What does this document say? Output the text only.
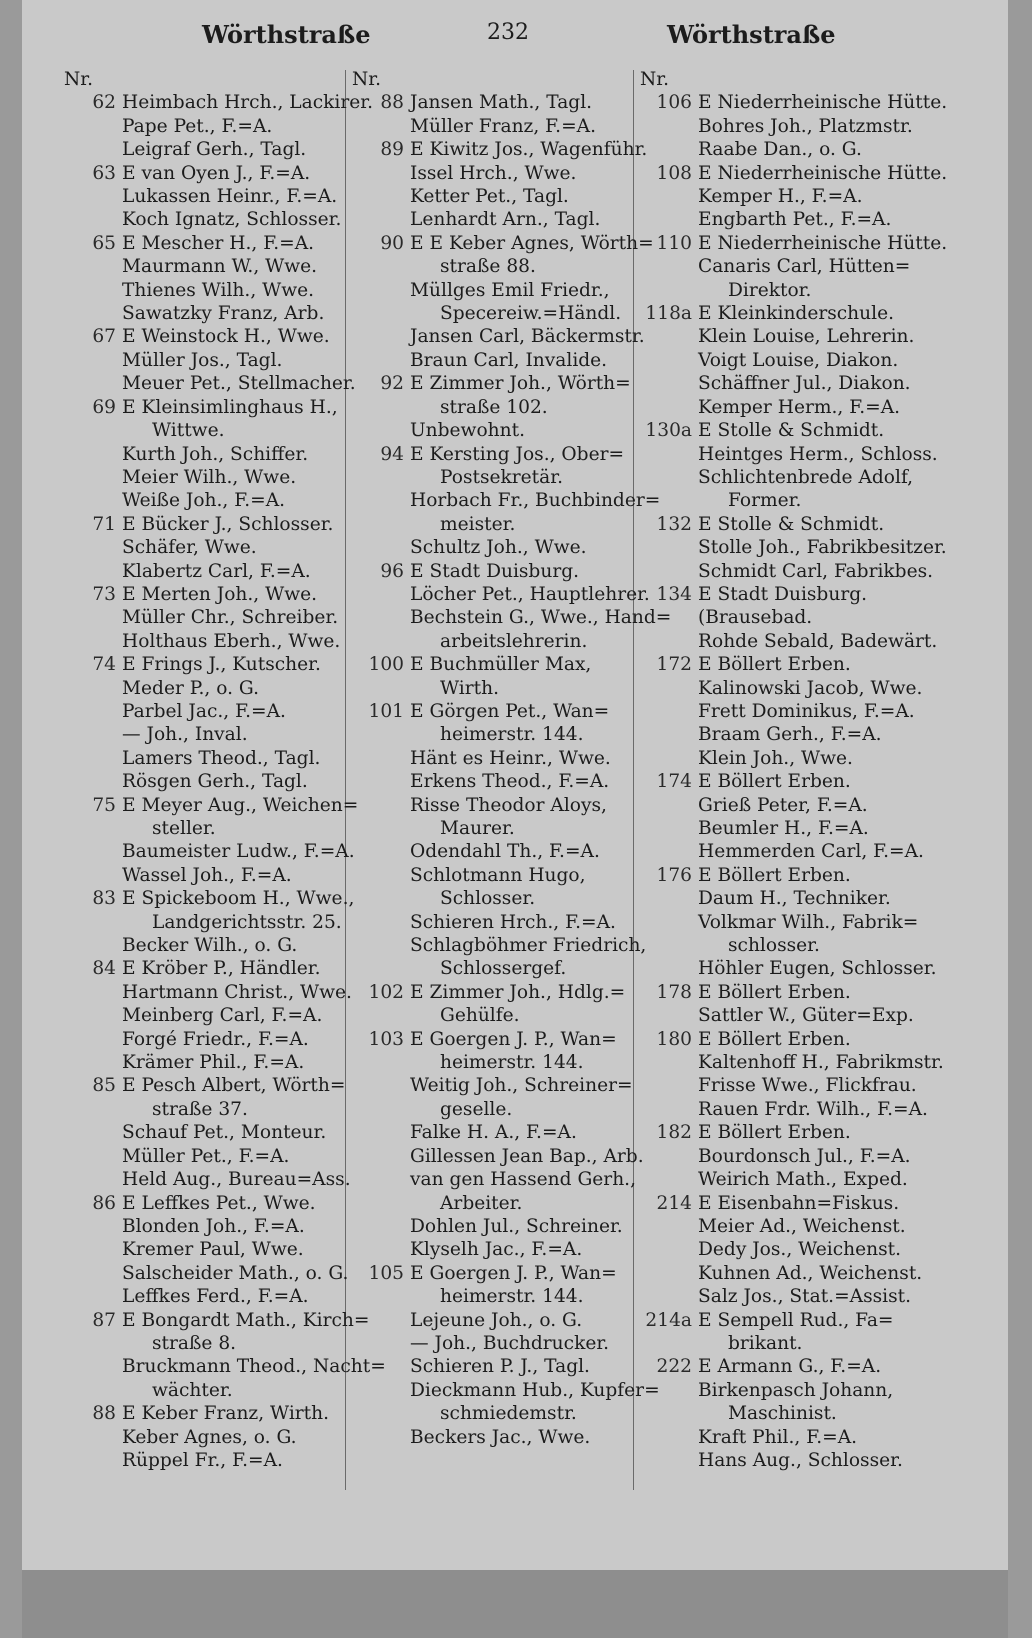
Wörthstraße	232	Wörthstraße
Nr.
62 Heimbach Hrch., Lackirer.
Pape Pet., F.=A.
Leigraf Gerh., Tagl.
63 E van Oyen J., F.=A.
Lukassen Heinr., F.=A.
Koch Ignatz, Schlosser.
65 E Mescher H., F.=A.
Maurmann W., Wwe.
Thienes Wilh., Wwe.
Sawatzky Franz, Arb.
67 E Weinstock H., Wwe.
Müller Jos., Tagl.
Meuer Pet., Stellmacher.
69 E Kleinsimlinghaus H.,
Wittwe.
Kurth Joh., Schiffer.
Meier Wilh., Wwe.
Weiße Joh., F.=A.
71 E Bücker J., Schlosser.
Schäfer, Wwe.
Klabertz Carl, F.=A.
73 E Merten Joh., Wwe.
Müller Chr., Schreiber.
Holthaus Eberh., Wwe.
74 E Frings J., Kutscher.
Meder P., o. G.
Parbel Jac., F.=A.
— Joh., Inval.
Lamers Theod., Tagl.
Rösgen Gerh., Tagl.
75 E Meyer Aug., Weichen=
steller.
Baumeister Ludw., F.=A.
Wassel Joh., F.=A.
83 E Spickeboom H., Wwe.,
Landgerichtsstr. 25.
Becker Wilh., o. G.
84 E Kröber P., Händler.
Hartmann Christ., Wwe.
Meinberg Carl, F.=A.
Forgé Friedr., F.=A.
Krämer Phil., F.=A.
85 E Pesch Albert, Wörth=
straße 37.
Schauf Pet., Monteur.
Müller Pet., F.=A.
Held Aug., Bureau=Ass.
86 E Leffkes Pet., Wwe.
Blonden Joh., F.=A.
Kremer Paul, Wwe.
Salscheider Math., o. G.
Leffkes Ferd., F.=A.
87 E Bongardt Math., Kirch=
straße 8.
Bruckmann Theod., Nacht=
wächter.
88 E Keber Franz, Wirth.
Keber Agnes, o. G.
Rüppel Fr., F.=A.
Nr.
88 Jansen Math., Tagl.
Müller Franz, F.=A.
89 E Kiwitz Jos., Wagenführ.
Issel Hrch., Wwe.
Ketter Pet., Tagl.
Lenhardt Arn., Tagl.
90 E E Keber Agnes, Wörth=
straße 88.
Müllges Emil Friedr.,
Specereiw.=Händl.
Jansen Carl, Bäckermstr.
Braun Carl, Invalide.
92 E Zimmer Joh., Wörth=
straße 102.
Unbewohnt.
94 E Kersting Jos., Ober=
Postsekretär.
Horbach Fr., Buchbinder=
meister.
Schultz Joh., Wwe.
96 E Stadt Duisburg.
Löcher Pet., Hauptlehrer.
Bechstein G., Wwe., Hand=
arbeitslehrerin.
100 E Buchmüller Max,
Wirth.
101 E Görgen Pet., Wan=
heimerstr. 144.
Hänt es Heinr., Wwe.
Erkens Theod., F.=A.
Risse Theodor Aloys,
Maurer.
Odendahl Th., F.=A.
Schlotmann Hugo,
Schlosser.
Schieren Hrch., F.=A.
Schlagböhmer Friedrich,
Schlossergef.
102 E Zimmer Joh., Hdlg.=
Gehülfe.
103 E Goergen J. P., Wan=
heimerstr. 144.
Weitig Joh., Schreiner=
geselle.
Falke H. A., F.=A.
Gillessen Jean Bap., Arb.
van gen Hassend Gerh.,
Arbeiter.
Dohlen Jul., Schreiner.
Klyselh Jac., F.=A.
105 E Goergen J. P., Wan=
heimerstr. 144.
Lejeune Joh., o. G.
— Joh., Buchdrucker.
Schieren P. J., Tagl.
Dieckmann Hub., Kupfer=
schmiedemstr.
Beckers Jac., Wwe.
Nr.
106 E Niederrheinische Hütte.
Bohres Joh., Platzmstr.
Raabe Dan., o. G.
108 E Niederrheinische Hütte.
Kemper H., F.=A.
Engbarth Pet., F.=A.
110 E Niederrheinische Hütte.
Canaris Carl, Hütten=
Direktor.
118a E Kleinkinderschule.
Klein Louise, Lehrerin.
Voigt Louise, Diakon.
Schäffner Jul., Diakon.
Kemper Herm., F.=A.
130a E Stolle & Schmidt.
Heintges Herm., Schloss.
Schlichtenbrede Adolf,
Former.
132 E Stolle & Schmidt.
Stolle Joh., Fabrikbesitzer.
Schmidt Carl, Fabrikbes.
134 E Stadt Duisburg.
(Brausebad.
Rohde Sebald, Badewärt.
172 E Böllert Erben.
Kalinowski Jacob, Wwe.
Frett Dominikus, F.=A.
Braam Gerh., F.=A.
Klein Joh., Wwe.
174 E Böllert Erben.
Grieß Peter, F.=A.
Beumler H., F.=A.
Hemmerden Carl, F.=A.
176 E Böllert Erben.
Daum H., Techniker.
Volkmar Wilh., Fabrik=
schlosser.
Höhler Eugen, Schlosser.
178 E Böllert Erben.
Sattler W., Güter=Exp.
180 E Böllert Erben.
Kaltenhoff H., Fabrikmstr.
Frisse Wwe., Flickfrau.
Rauen Frdr. Wilh., F.=A.
182 E Böllert Erben.
Bourdonsch Jul., F.=A.
Weirich Math., Exped.
214 E Eisenbahn=Fiskus.
Meier Ad., Weichenst.
Dedy Jos., Weichenst.
Kuhnen Ad., Weichenst.
Salz Jos., Stat.=Assist.
214a E Sempell Rud., Fa=
brikant.
222 E Armann G., F.=A.
Birkenpasch Johann,
Maschinist.
Kraft Phil., F.=A.
Hans Aug., Schlosser.
